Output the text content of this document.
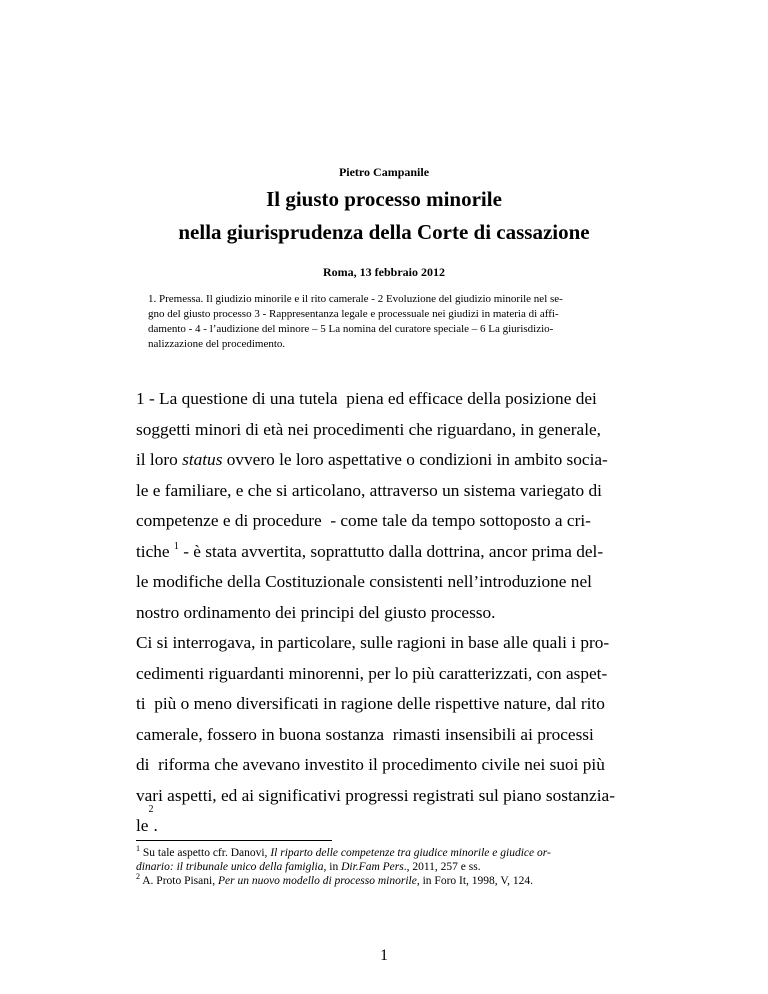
Pietro Campanile
Il giusto processo minorile
nella giurisprudenza della Corte di cassazione
Roma, 13 febbraio 2012
1. Premessa. Il giudizio minorile e il rito camerale - 2 Evoluzione del giudizio minorile nel se-
gno del giusto processo 3 - Rappresentanza legale e processuale nei giudizi in materia di affi-
damento - 4 - l’audizione del minore – 5 La nomina del curatore speciale – 6 La giurisdizio-
nalizzazione del procedimento.
1 - La questione di una tutela  piena ed efficace della posizione dei
soggetti minori di età nei procedimenti che riguardano, in generale,
il loro status ovvero le loro aspettative o condizioni in ambito socia-
le e familiare, e che si articolano, attraverso un sistema variegato di
competenze e di procedure  - come tale da tempo sottoposto a cri-
tiche $^1$ - è stata avvertita, soprattutto dalla dottrina, ancor prima del-
le modifiche della Costituzionale consistenti nell’introduzione nel
nostro ordinamento dei principi del giusto processo.
Ci si interrogava, in particolare, sulle ragioni in base alle quali i pro-
cedimenti riguardanti minorenni, per lo più caratterizzati, con aspet-
ti  più o meno diversificati in ragione delle rispettive nature, dal rito
camerale, fossero in buona sostanza  rimasti insensibili ai processi
di  riforma che avevano investito il procedimento civile nei suoi più
vari aspetti, ed ai significativi progressi registrati sul piano sostanzia-
le
$^2$
.
$^1$ Su tale aspetto cfr. Danovi, Il riparto delle competenze tra giudice minorile e giudice or-
dinario: il tribunale unico della famiglia, in Dir.Fam Pers., 2011, 257 e ss.
$^2$ A. Proto Pisani, Per un nuovo modello di processo minorile, in Foro It, 1998, V, 124.
1
